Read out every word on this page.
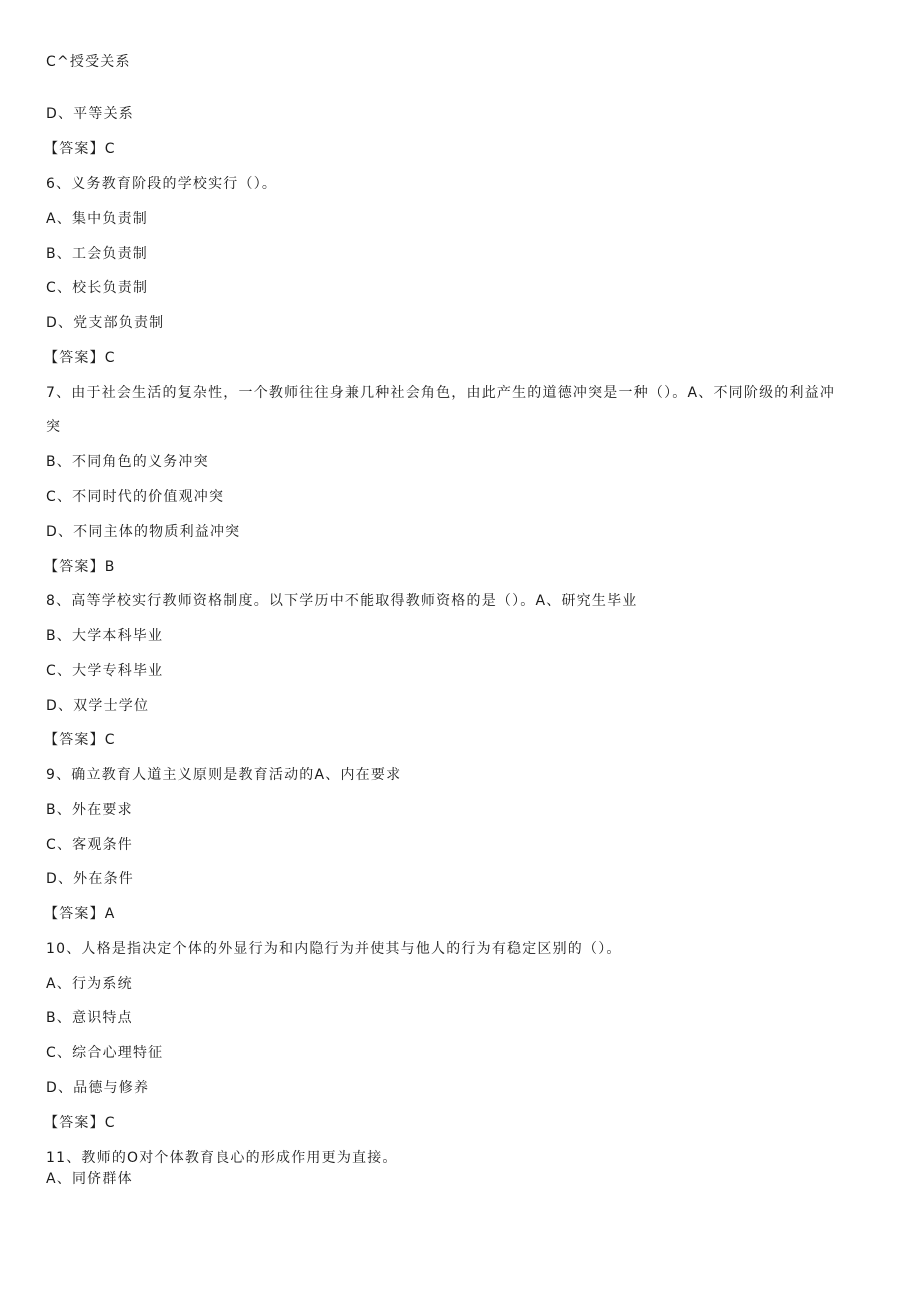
C^授受关系
D、平等关系
【答案】C
6、义务教育阶段的学校实行（）。
A、集中负责制
B、工会负责制
C、校长负责制
D、党支部负责制
【答案】C
7、由于社会生活的复杂性，一个教师往往身兼几种社会角色，由此产生的道德冲突是一种（）。A、不同阶级的利益冲
突
B、不同角色的义务冲突
C、不同时代的价值观冲突
D、不同主体的物质利益冲突
【答案】B
8、高等学校实行教师资格制度。以下学历中不能取得教师资格的是（）。A、研究生毕业
B、大学本科毕业
C、大学专科毕业
D、双学士学位
【答案】C
9、确立教育人道主义原则是教育活动的A、内在要求
B、外在要求
C、客观条件
D、外在条件
【答案】A
10、人格是指决定个体的外显行为和内隐行为并使其与他人的行为有稳定区别的（）。
A、行为系统
B、意识特点
C、综合心理特征
D、品德与修养
【答案】C
11、教师的O对个体教育良心的形成作用更为直接。
A、同侪群体
